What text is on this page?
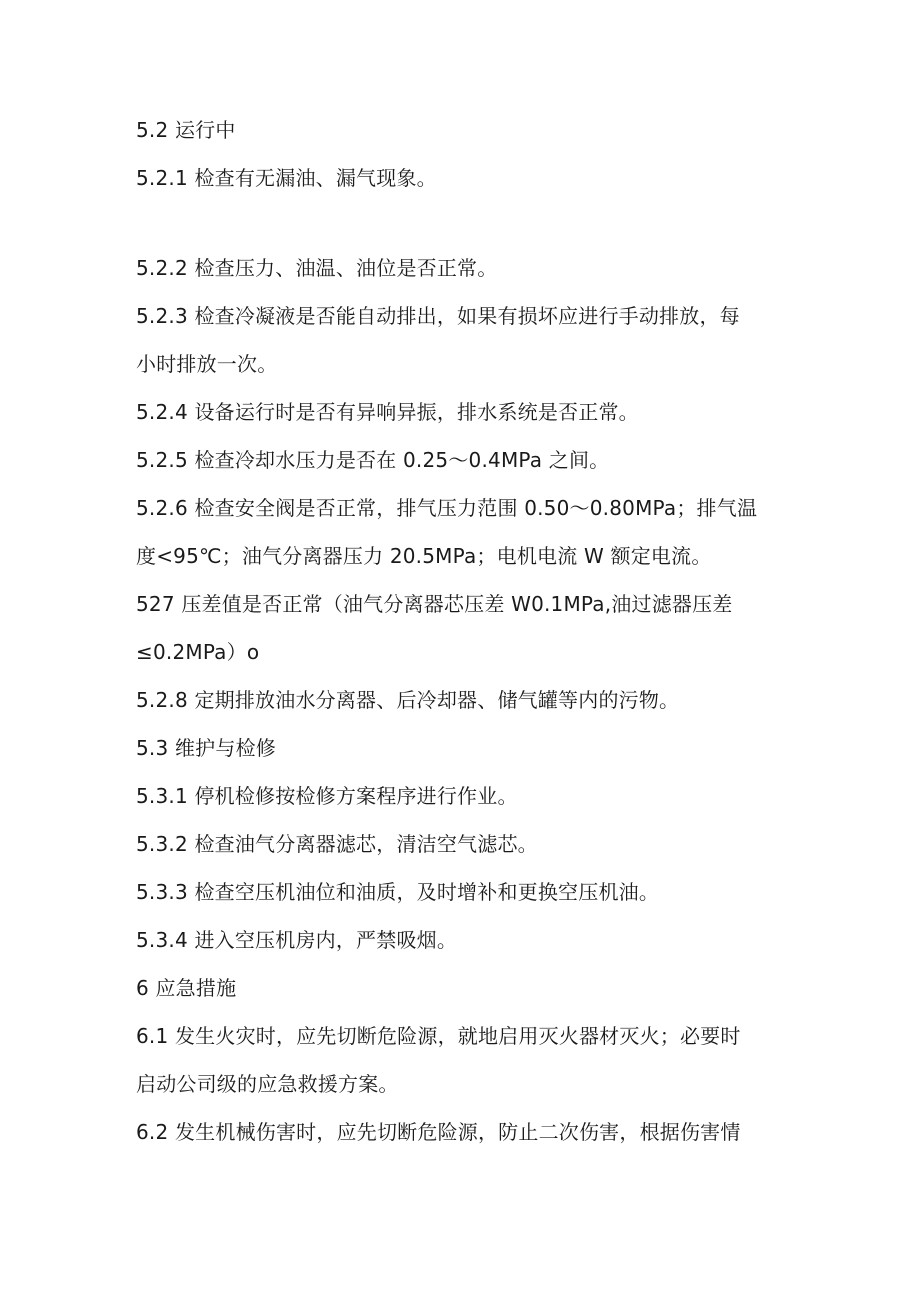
5.2 运行中
5.2.1 检查有无漏油、漏气现象。
5.2.2 检查压力、油温、油位是否正常。
5.2.3 检查冷凝液是否能自动排出，如果有损坏应进行手动排放，每
小时排放一次。
5.2.4 设备运行时是否有异响异振，排水系统是否正常。
5.2.5 检查冷却水压力是否在 0.25～0.4MPa 之间。
5.2.6 检查安全阀是否正常，排气压力范围 0.50～0.80MPa；排气温
度<95℃；油气分离器压力 20.5MPa；电机电流 W 额定电流。
527 压差值是否正常（油气分离器芯压差 W0.1MPa,油过滤器压差
≤0.2MPa）o
5.2.8 定期排放油水分离器、后冷却器、储气罐等内的污物。
5.3 维护与检修
5.3.1 停机检修按检修方案程序进行作业。
5.3.2 检查油气分离器滤芯，清洁空气滤芯。
5.3.3 检查空压机油位和油质，及时增补和更换空压机油。
5.3.4 进入空压机房内，严禁吸烟。
6 应急措施
6.1 发生火灾时，应先切断危险源，就地启用灭火器材灭火；必要时
启动公司级的应急救援方案。
6.2 发生机械伤害时，应先切断危险源，防止二次伤害，根据伤害情
